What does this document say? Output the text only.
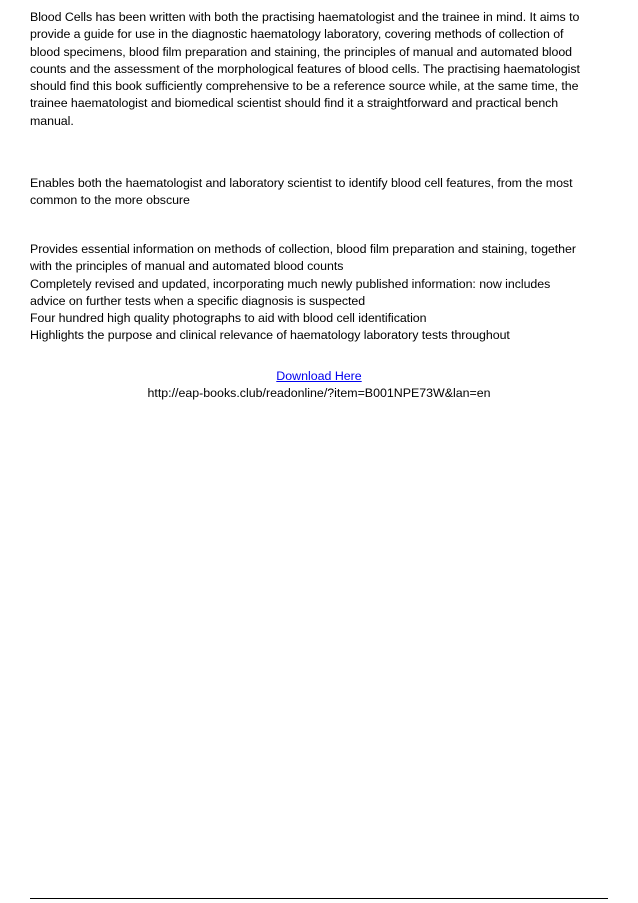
Blood Cells has been written with both the practising haematologist and the trainee in mind. It aims to
provide a guide for use in the diagnostic haematology laboratory, covering methods of collection of
blood specimens, blood film preparation and staining, the principles of manual and automated blood
counts and the assessment of the morphological features of blood cells. The practising haematologist
should find this book sufficiently comprehensive to be a reference source while, at the same time, the
trainee haematologist and biomedical scientist should find it a straightforward and practical bench
manual.
Enables both the haematologist and laboratory scientist to identify blood cell features, from the most
common to the more obscure
Provides essential information on methods of collection, blood film preparation and staining, together
with the principles of manual and automated blood counts
Completely revised and updated, incorporating much newly published information: now includes
advice on further tests when a specific diagnosis is suspected
Four hundred high quality photographs to aid with blood cell identification
Highlights the purpose and clinical relevance of haematology laboratory tests throughout
Download Here
http://eap-books.club/readonline/?item=B001NPE73W&lan=en
